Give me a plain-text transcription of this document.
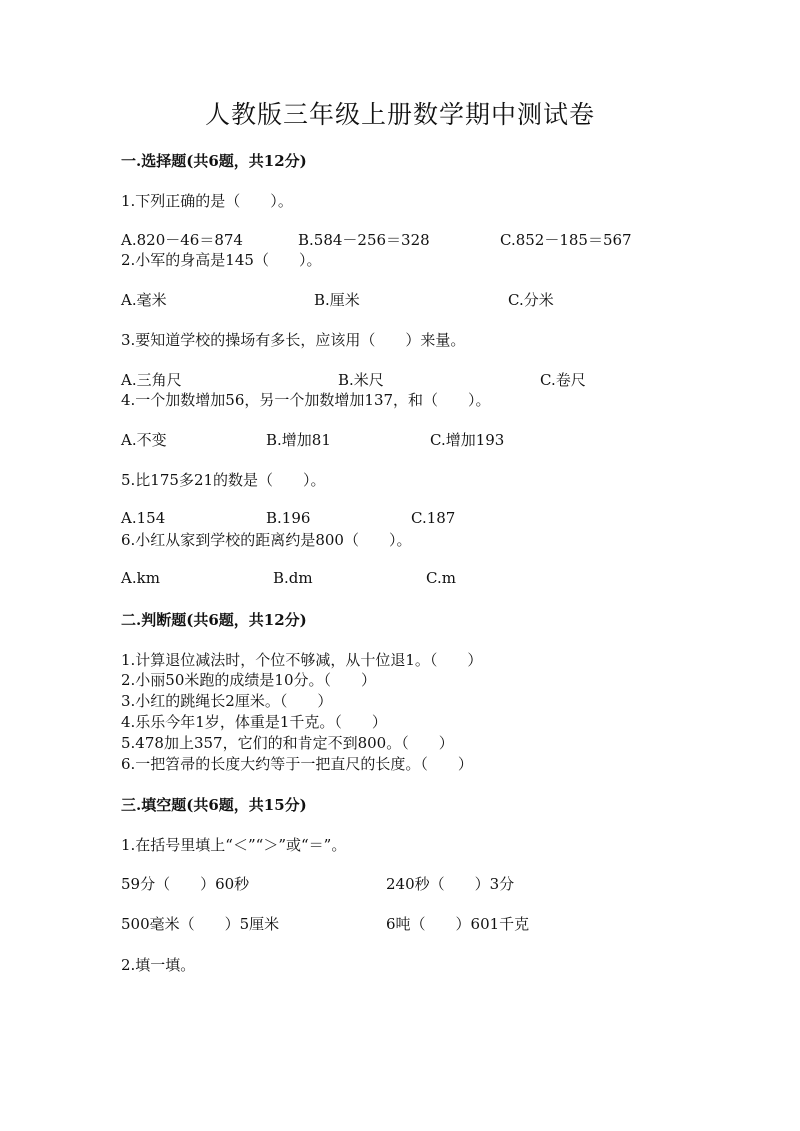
人教版三年级上册数学期中测试卷
一.选择题(共6题，共12分)
1.下列正确的是（　　）。
A.820－46＝874	B.584－256＝328	C.852－185＝567
2.小军的身高是145（　　）。
A.毫米	B.厘米	C.分米
3.要知道学校的操场有多长，应该用（　　）来量。
A.三角尺	B.米尺	C.卷尺
4.一个加数增加56，另一个加数增加137，和（　　）。
A.不变	B.增加81	C.增加193
5.比175多21的数是（　　）。
A.154	B.196	C.187
6.小红从家到学校的距离约是800（　　）。
A.km	B.dm	C.m
二.判断题(共6题，共12分)
1.计算退位减法时，个位不够减，从十位退1。（　　）
2.小丽50米跑的成绩是10分。（　　）
3.小红的跳绳长2厘米。（　　）
4.乐乐今年1岁，体重是1千克。（　　）
5.478加上357，它们的和肯定不到800。（　　）
6.一把笤帚的长度大约等于一把直尺的长度。（　　）
三.填空题(共6题，共15分)
1.在括号里填上“＜”“＞”或“＝”。
59分（　　）60秒	240秒（　　）3分
500毫米（　　）5厘米	6吨（　　）601千克
2.填一填。
